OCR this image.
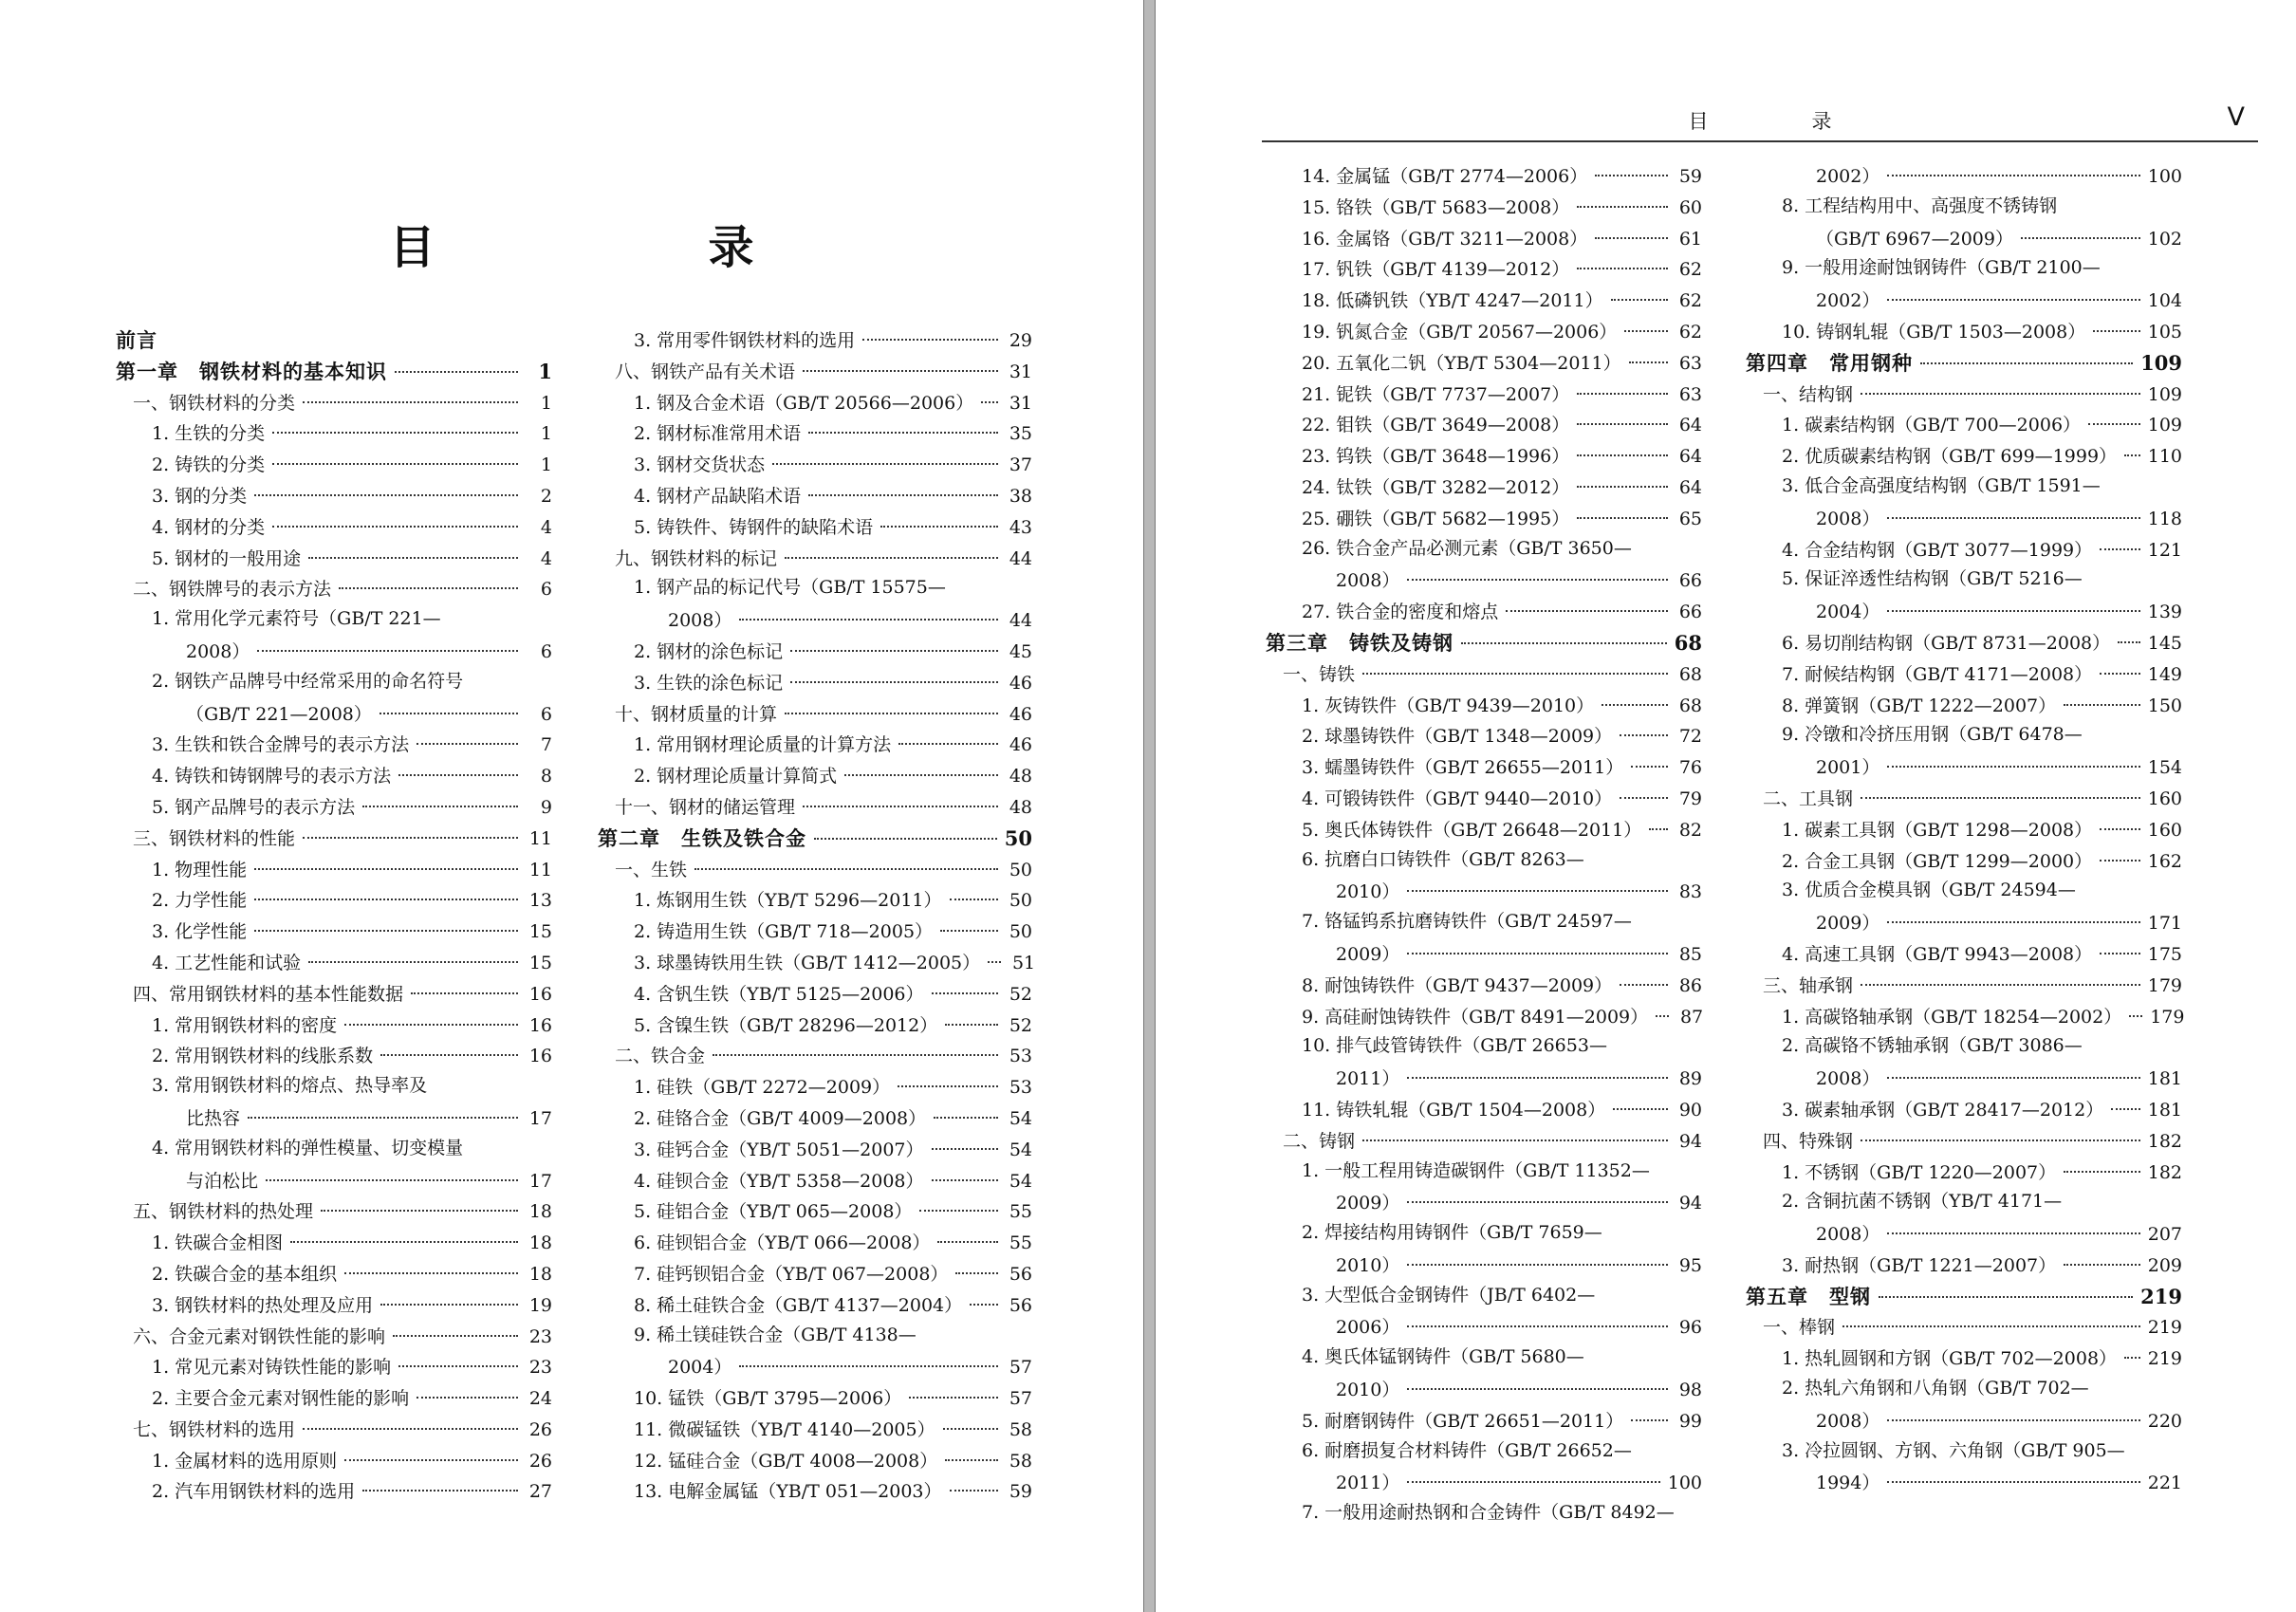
目　录
前言
第一章　钢铁材料的基本知识	1
一、钢铁材料的分类	1
1. 生铁的分类	1
2. 铸铁的分类	1
3. 钢的分类	2
4. 钢材的分类	4
5. 钢材的一般用途	4
二、钢铁牌号的表示方法	6
1. 常用化学元素符号（GB/T 221—
2008）	6
2. 钢铁产品牌号中经常采用的命名符号
（GB/T 221—2008）	6
3. 生铁和铁合金牌号的表示方法	7
4. 铸铁和铸钢牌号的表示方法	8
5. 钢产品牌号的表示方法	9
三、钢铁材料的性能	11
1. 物理性能	11
2. 力学性能	13
3. 化学性能	15
4. 工艺性能和试验	15
四、常用钢铁材料的基本性能数据	16
1. 常用钢铁材料的密度	16
2. 常用钢铁材料的线胀系数	16
3. 常用钢铁材料的熔点、热导率及
比热容	17
4. 常用钢铁材料的弹性模量、切变模量
与泊松比	17
五、钢铁材料的热处理	18
1. 铁碳合金相图	18
2. 铁碳合金的基本组织	18
3. 钢铁材料的热处理及应用	19
六、合金元素对钢铁性能的影响	23
1. 常见元素对铸铁性能的影响	23
2. 主要合金元素对钢性能的影响	24
七、钢铁材料的选用	26
1. 金属材料的选用原则	26
2. 汽车用钢铁材料的选用	27
3. 常用零件钢铁材料的选用	29
八、钢铁产品有关术语	31
1. 钢及合金术语（GB/T 20566—2006） 31
2. 钢材标准常用术语	35
3. 钢材交货状态	37
4. 钢材产品缺陷术语	38
5. 铸铁件、铸钢件的缺陷术语	43
九、钢铁材料的标记	44
1. 钢产品的标记代号（GB/T 15575—
2008）	44
2. 钢材的涂色标记	45
3. 生铁的涂色标记	46
十、钢材质量的计算	46
1. 常用钢材理论质量的计算方法	46
2. 钢材理论质量计算简式	48
十一、钢材的储运管理	48
第二章　生铁及铁合金	50
一、生铁	50
1. 炼钢用生铁（YB/T 5296—2011）	50
2. 铸造用生铁（GB/T 718—2005）	50
3. 球墨铸铁用生铁（GB/T 1412—2005） 51
4. 含钒生铁（YB/T 5125—2006）	52
5. 含镍生铁（GB/T 28296—2012）	52
二、铁合金	53
1. 硅铁（GB/T 2272—2009）	53
2. 硅铬合金（GB/T 4009—2008）	54
3. 硅钙合金（YB/T 5051—2007）	54
4. 硅钡合金（YB/T 5358—2008）	54
5. 硅铝合金（YB/T 065—2008）	55
6. 硅钡铝合金（YB/T 066—2008）	55
7. 硅钙钡铝合金（YB/T 067—2008）	56
8. 稀土硅铁合金（GB/T 4137—2004）	56
9. 稀土镁硅铁合金（GB/T 4138—
2004）	57
10. 锰铁（GB/T 3795—2006）	57
11. 微碳锰铁（YB/T 4140—2005）	58
12. 锰硅合金（GB/T 4008—2008）	58
13. 电解金属锰（YB/T 051—2003）	59
目　录	V
14. 金属锰（GB/T 2774—2006）	59
15. 铬铁（GB/T 5683—2008）	60
16. 金属铬（GB/T 3211—2008）	61
17. 钒铁（GB/T 4139—2012）	62
18. 低磷钒铁（YB/T 4247—2011）	62
19. 钒氮合金（GB/T 20567—2006）	62
20. 五氧化二钒（YB/T 5304—2011）	63
21. 铌铁（GB/T 7737—2007）	63
22. 钼铁（GB/T 3649—2008）	64
23. 钨铁（GB/T 3648—1996）	64
24. 钛铁（GB/T 3282—2012）	64
25. 硼铁（GB/T 5682—1995）	65
26. 铁合金产品必测元素（GB/T 3650—
2008）	66
27. 铁合金的密度和熔点	66
第三章　铸铁及铸钢	68
一、铸铁	68
1. 灰铸铁件（GB/T 9439—2010）	68
2. 球墨铸铁件（GB/T 1348—2009）	72
3. 蠕墨铸铁件（GB/T 26655—2011）	76
4. 可锻铸铁件（GB/T 9440—2010）	79
5. 奥氏体铸铁件（GB/T 26648—2011） 82
6. 抗磨白口铸铁件（GB/T 8263—
2010）	83
7. 铬锰钨系抗磨铸铁件（GB/T 24597—
2009）	85
8. 耐蚀铸铁件（GB/T 9437—2009）	86
9. 高硅耐蚀铸铁件（GB/T 8491—2009） 87
10. 排气歧管铸铁件（GB/T 26653—
2011）	89
11. 铸铁轧辊（GB/T 1504—2008）	90
二、铸钢	94
1. 一般工程用铸造碳钢件（GB/T 11352—
2009）	94
2. 焊接结构用铸钢件（GB/T 7659—
2010）	95
3. 大型低合金钢铸件（JB/T 6402—
2006）	96
4. 奥氏体锰钢铸件（GB/T 5680—
2010）	98
5. 耐磨钢铸件（GB/T 26651—2011）	99
6. 耐磨损复合材料铸件（GB/T 26652—
2011）	100
7. 一般用途耐热钢和合金铸件（GB/T 8492—
2002）	100
8. 工程结构用中、高强度不锈铸钢
（GB/T 6967—2009）	102
9. 一般用途耐蚀钢铸件（GB/T 2100—
2002）	104
10. 铸钢轧辊（GB/T 1503—2008）	105
第四章　常用钢种	109
一、结构钢	109
1. 碳素结构钢（GB/T 700—2006）	109
2. 优质碳素结构钢（GB/T 699—1999） 110
3. 低合金高强度结构钢（GB/T 1591—
2008）	118
4. 合金结构钢（GB/T 3077—1999）	121
5. 保证淬透性结构钢（GB/T 5216—
2004）	139
6. 易切削结构钢（GB/T 8731—2008） 145
7. 耐候结构钢（GB/T 4171—2008）	149
8. 弹簧钢（GB/T 1222—2007）	150
9. 冷镦和冷挤压用钢（GB/T 6478—
2001）	154
二、工具钢	160
1. 碳素工具钢（GB/T 1298—2008）	160
2. 合金工具钢（GB/T 1299—2000）	162
3. 优质合金模具钢（GB/T 24594—
2009）	171
4. 高速工具钢（GB/T 9943—2008）	175
三、轴承钢	179
1. 高碳铬轴承钢（GB/T 18254—2002） 179
2. 高碳铬不锈轴承钢（GB/T 3086—
2008）	181
3. 碳素轴承钢（GB/T 28417—2012） 181
四、特殊钢	182
1. 不锈钢（GB/T 1220—2007）	182
2. 含铜抗菌不锈钢（YB/T 4171—
2008）	207
3. 耐热钢（GB/T 1221—2007）	209
第五章　型钢	219
一、棒钢	219
1. 热轧圆钢和方钢（GB/T 702—2008） 219
2. 热轧六角钢和八角钢（GB/T 702—
2008）	220
3. 冷拉圆钢、方钢、六角钢（GB/T 905—
1994）	221
